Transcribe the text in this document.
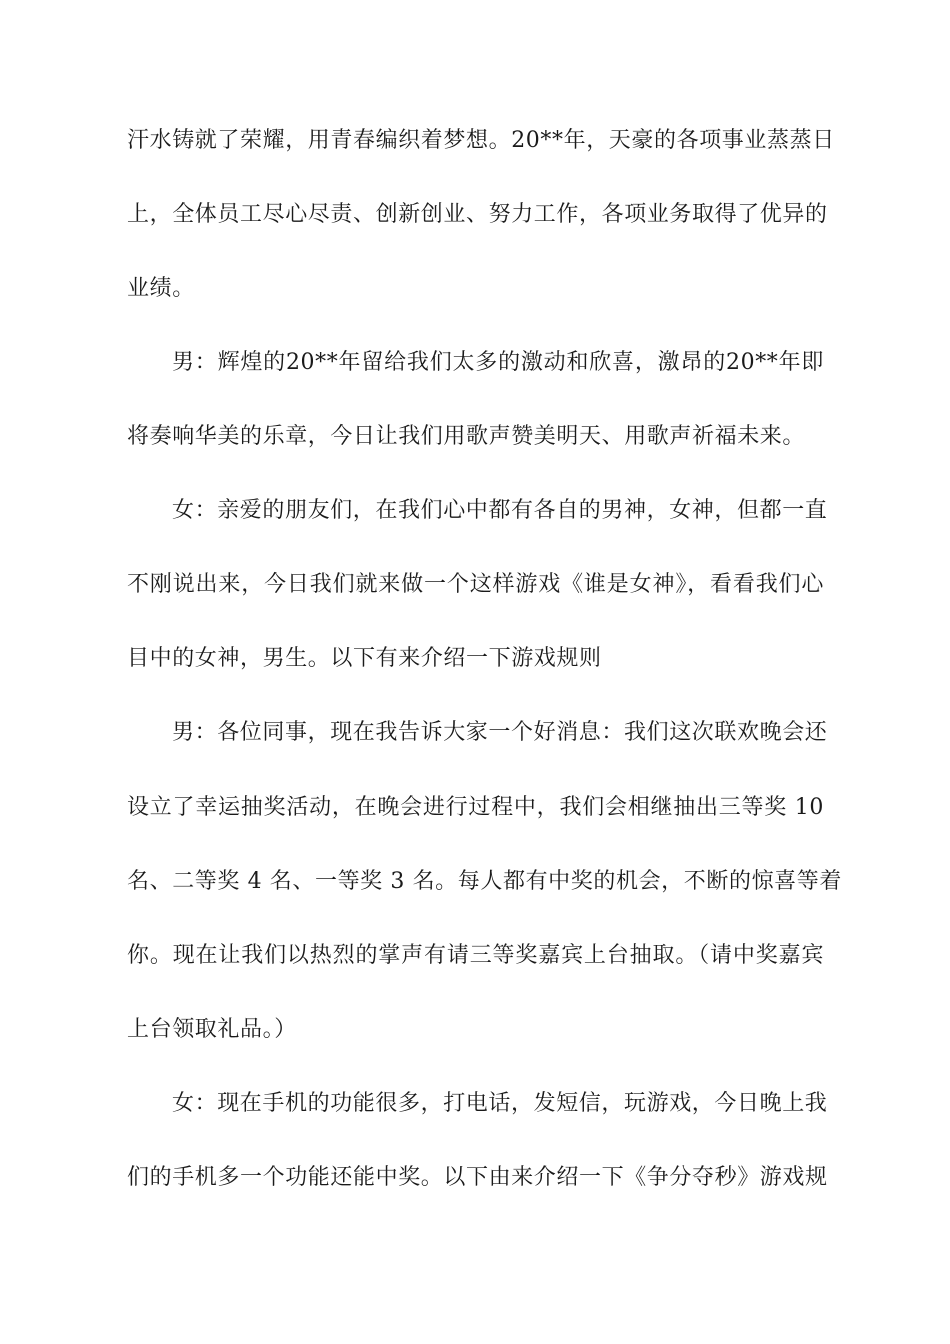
汗水铸就了荣耀，用青春编织着梦想。20**年，天豪的各项事业蒸蒸日
上，全体员工尽心尽责、创新创业、努力工作，各项业务取得了优异的
业绩。
男：辉煌的20**年留给我们太多的激动和欣喜，激昂的20**年即
将奏响华美的乐章，今日让我们用歌声赞美明天、用歌声祈福未来。
女：亲爱的朋友们，在我们心中都有各自的男神，女神，但都一直
不刚说出来，今日我们就来做一个这样游戏《谁是女神》，看看我们心
目中的女神，男生。以下有来介绍一下游戏规则
男：各位同事，现在我告诉大家一个好消息：我们这次联欢晚会还
设立了幸运抽奖活动，在晚会进行过程中，我们会相继抽出三等奖 10
名、二等奖 4 名、一等奖 3 名。每人都有中奖的机会，不断的惊喜等着
你。现在让我们以热烈的掌声有请三等奖嘉宾上台抽取。（请中奖嘉宾
上台领取礼品。）
女：现在手机的功能很多，打电话，发短信，玩游戏，今日晚上我
们的手机多一个功能还能中奖。以下由来介绍一下《争分夺秒》游戏规
